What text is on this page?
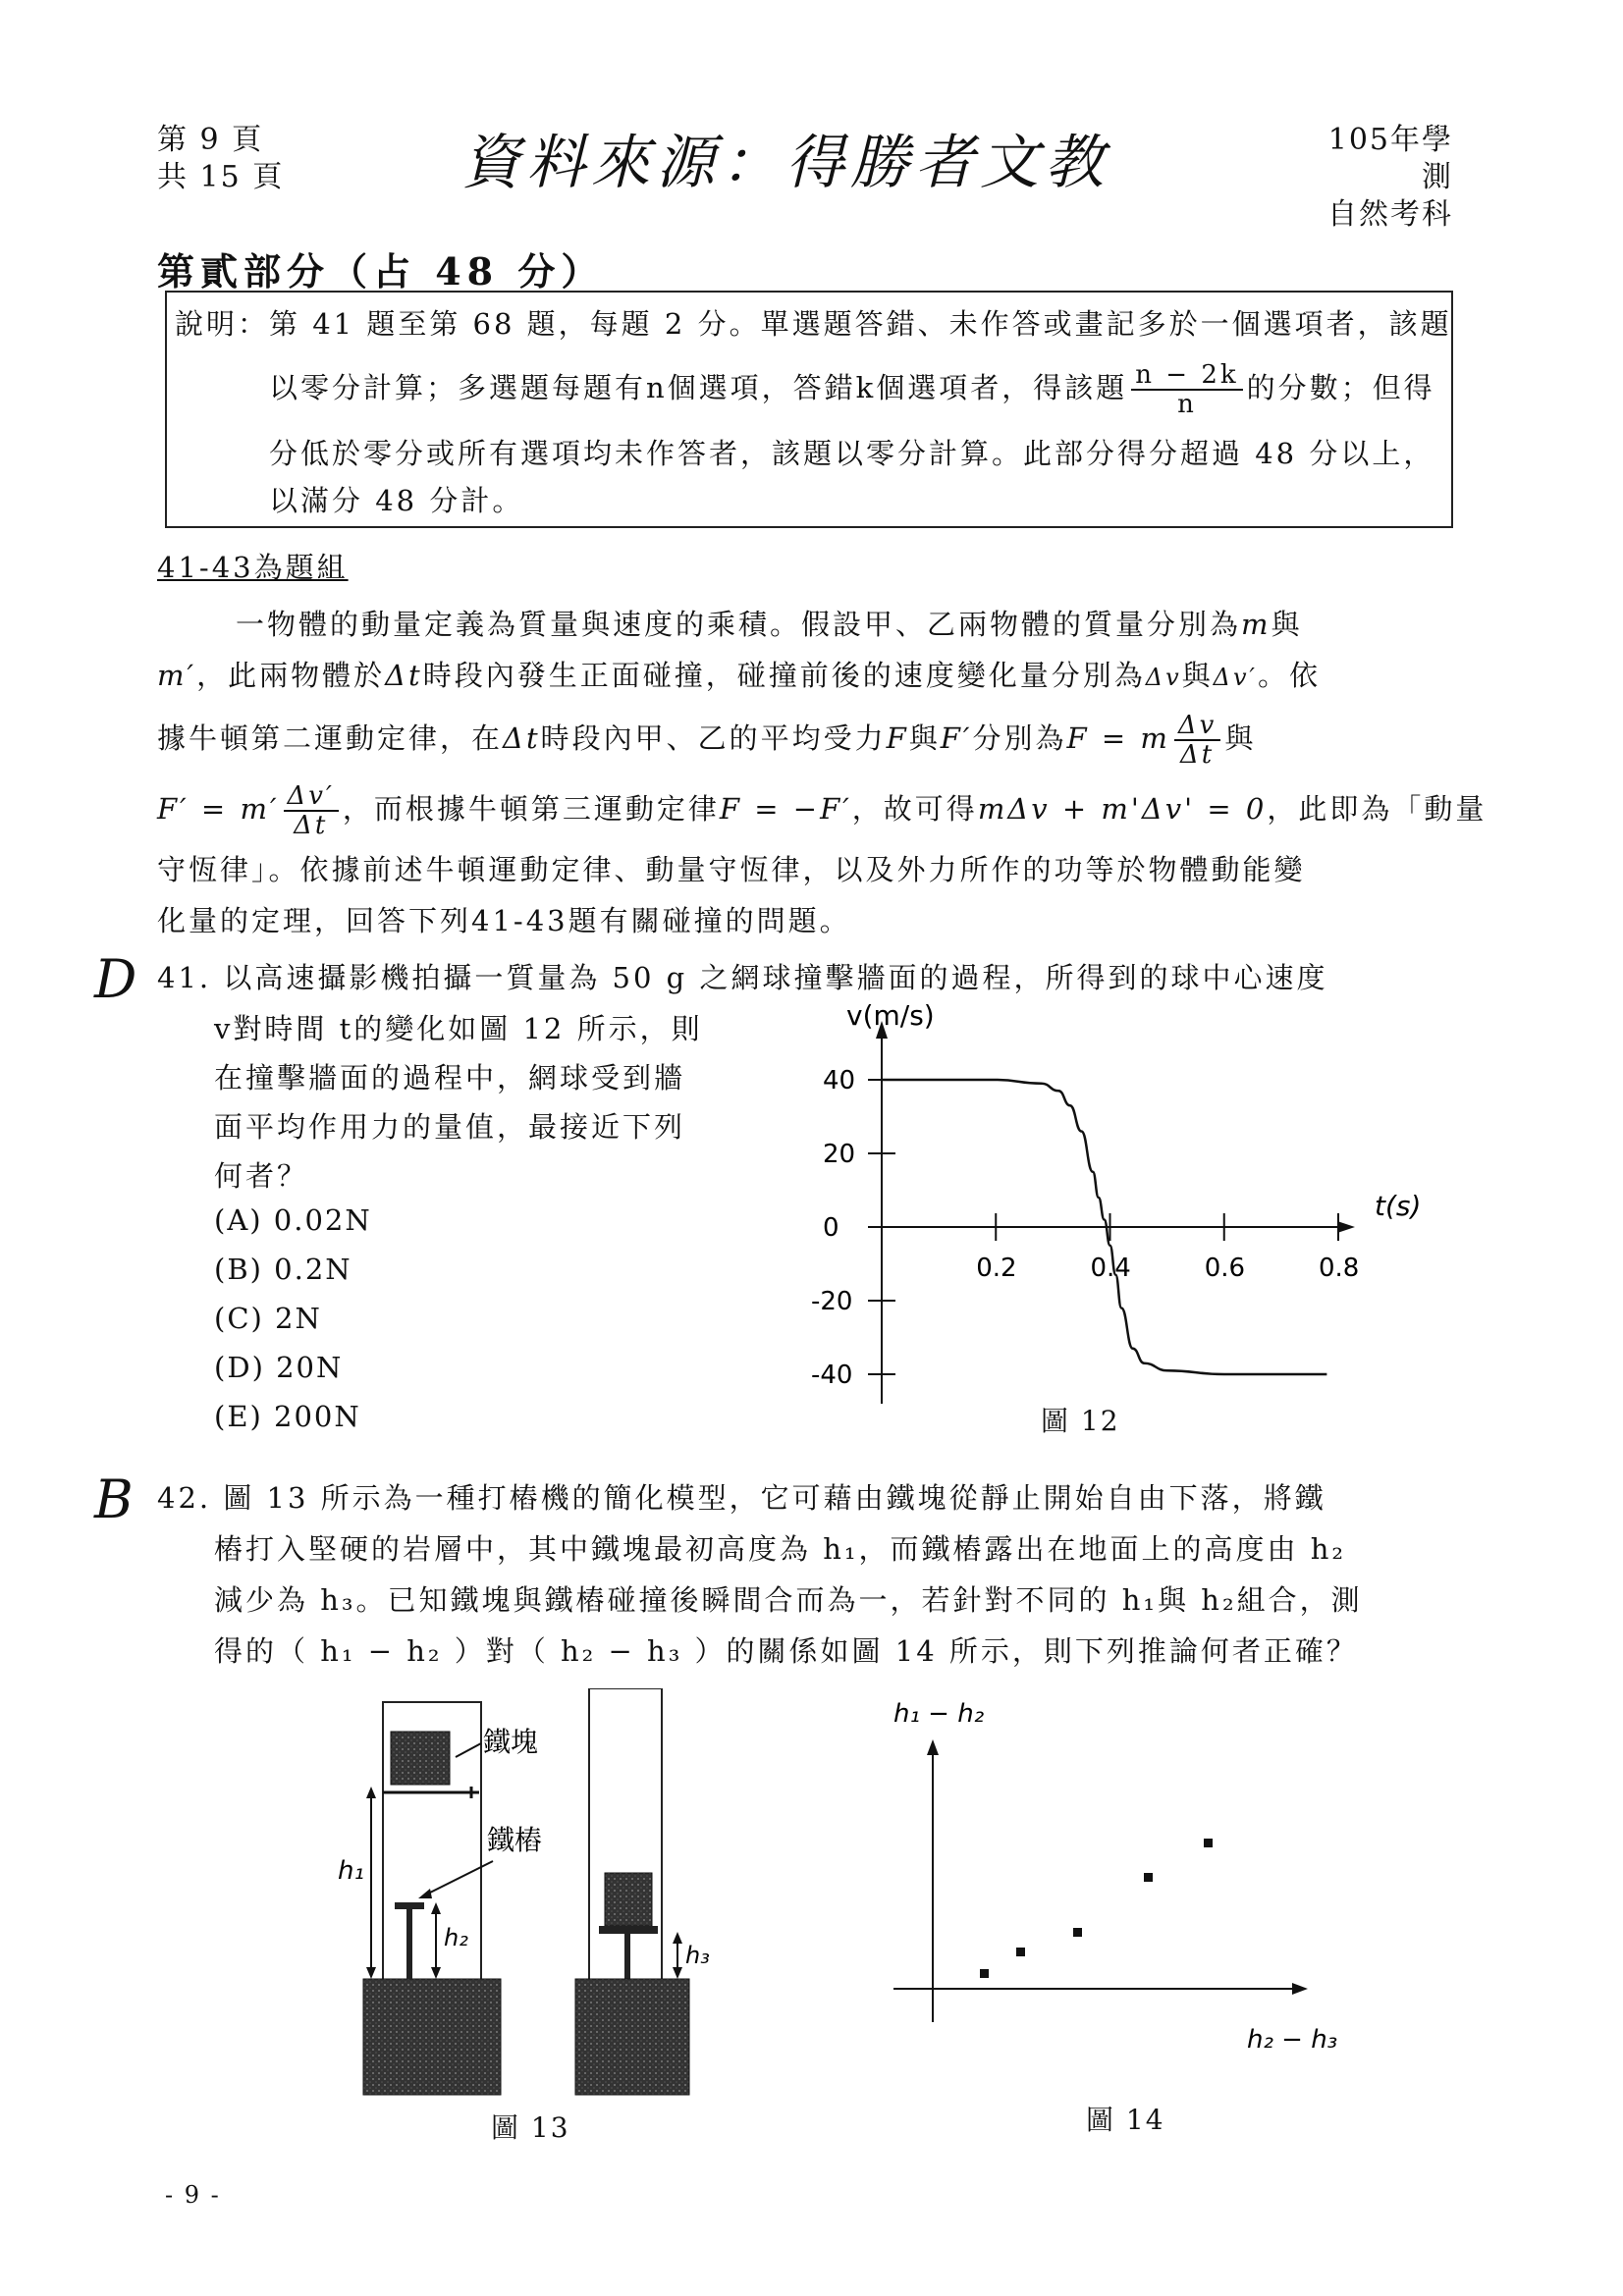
第 9 頁
共 15 頁	資料來源：得勝者文教	105年學測
自然考科
第貳部分（占 48 分）
說明：第 41 題至第 68 題，每題 2 分。單選題答錯、未作答或畫記多於一個選項者，該題
以零分計算；多選題每題有n個選項，答錯k個選項者，得該題 $\frac{n - 2k}{n}$ 的分數；但得
分低於零分或所有選項均未作答者，該題以零分計算。此部分得分超過 48 分以上，
以滿分 48 分計。
41-43為題組

一物體的動量定義為質量與速度的乘積。假設甲、乙兩物體的質量分別為m與

m′，此兩物體於Δt時段內發生正面碰撞，碰撞前後的速度變化量分別為Δv與Δv′。依

據牛頓第二運動定律，在Δt時段內甲、乙的平均受力F與F′分別為F = m $\frac{\Delta v}{\Delta t}$ 與

$F' = m' \frac{\Delta v'}{\Delta t}$ ，而根據牛頓第三運動定律F = −F′，故可得mΔv + m'Δv' = 0，此即為「動量

守恆律」。依據前述牛頓運動定律、動量守恆律，以及外力所作的功等於物體動能變

化量的定理，回答下列41-43題有關碰撞的問題。

D 41. 以高速攝影機拍攝一質量為 50 g 之網球撞擊牆面的過程，所得到的球中心速度
v對時間 t的變化如圖 12 所示，則
在撞擊牆面的過程中，網球受到牆
面平均作用力的量值，最接近下列
何者？
(A) 0.02N
(B) 0.2N
(C) 2N
(D) 20N
(E) 200N
v(m/s)
t(s)
0.2	0.4	0.6	0.8
40
20
0
-20
-40
圖 12
B 42. 圖 13 所示為一種打樁機的簡化模型，它可藉由鐵塊從靜止開始自由下落，將鐵
樁打入堅硬的岩層中，其中鐵塊最初高度為 h₁，而鐵樁露出在地面上的高度由 h₂
減少為 h₃。已知鐵塊與鐵樁碰撞後瞬間合而為一，若針對不同的 h₁與 h₂組合，測
得的（ h₁ − h₂ ）對（ h₂ − h₃ ）的關係如圖 14 所示，則下列推論何者正確？
h₁
h₂
鐵塊
鐵樁
h₃
圖 13
h₁ − h₂
h₂ − h₃
圖 14
- 9 -
